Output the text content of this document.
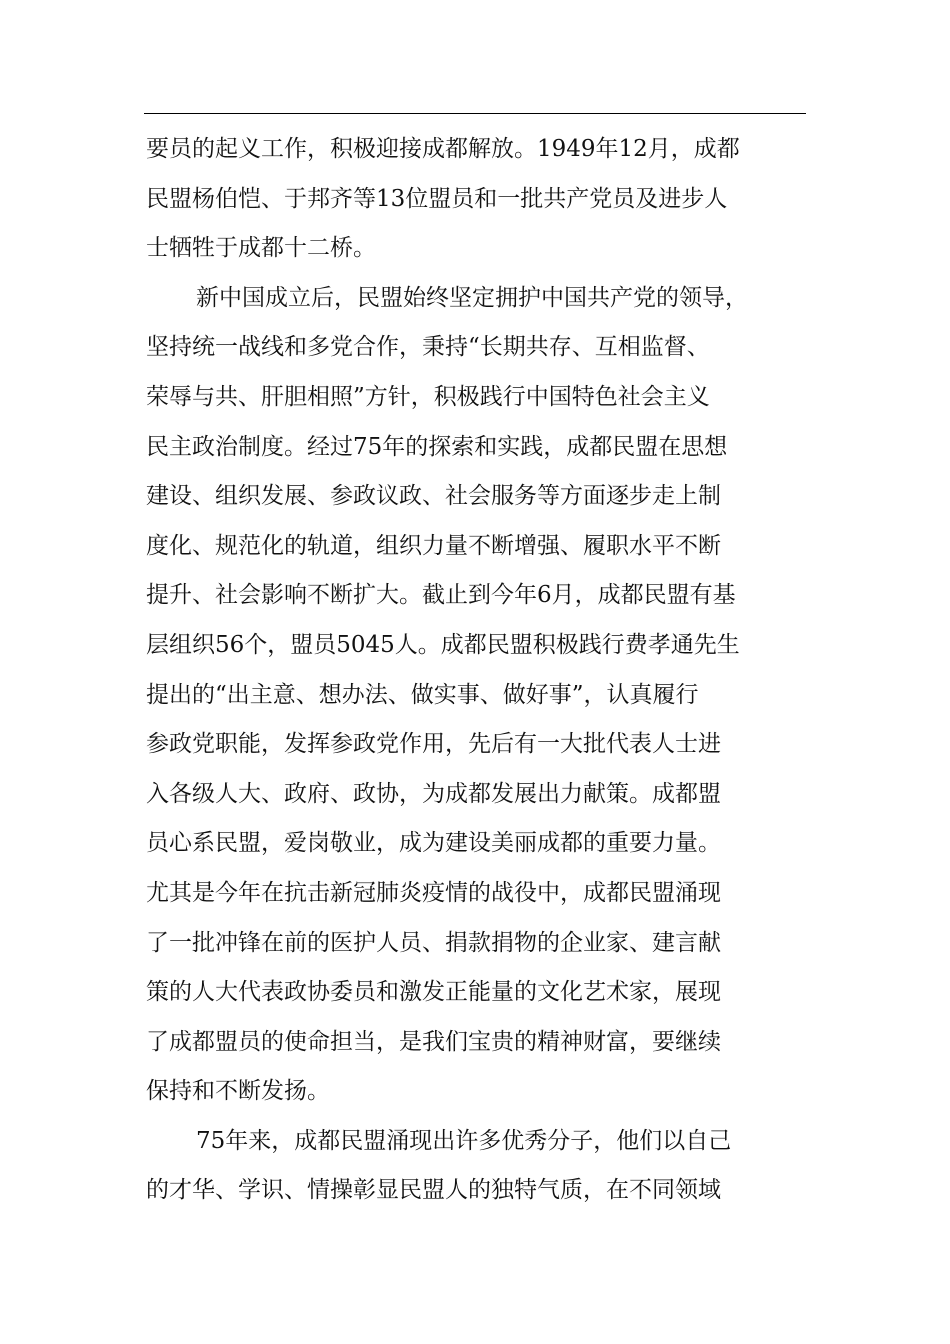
要员的起义工作，积极迎接成都解放。1949年12月，成都
民盟杨伯恺、于邦齐等13位盟员和一批共产党员及进步人
士牺牲于成都十二桥。
新中国成立后，民盟始终坚定拥护中国共产党的领导，
坚持统一战线和多党合作，秉持“长期共存、互相监督、
荣辱与共、肝胆相照”方针，积极践行中国特色社会主义
民主政治制度。经过75年的探索和实践，成都民盟在思想
建设、组织发展、参政议政、社会服务等方面逐步走上制
度化、规范化的轨道，组织力量不断增强、履职水平不断
提升、社会影响不断扩大。截止到今年6月，成都民盟有基
层组织56个，盟员5045人。成都民盟积极践行费孝通先生
提出的“出主意、想办法、做实事、做好事”，认真履行
参政党职能，发挥参政党作用，先后有一大批代表人士进
入各级人大、政府、政协，为成都发展出力献策。成都盟
员心系民盟，爱岗敬业，成为建设美丽成都的重要力量。
尤其是今年在抗击新冠肺炎疫情的战役中，成都民盟涌现
了一批冲锋在前的医护人员、捐款捐物的企业家、建言献
策的人大代表政协委员和激发正能量的文化艺术家，展现
了成都盟员的使命担当，是我们宝贵的精神财富，要继续
保持和不断发扬。
75年来，成都民盟涌现出许多优秀分子，他们以自己
的才华、学识、情操彰显民盟人的独特气质，在不同领域
